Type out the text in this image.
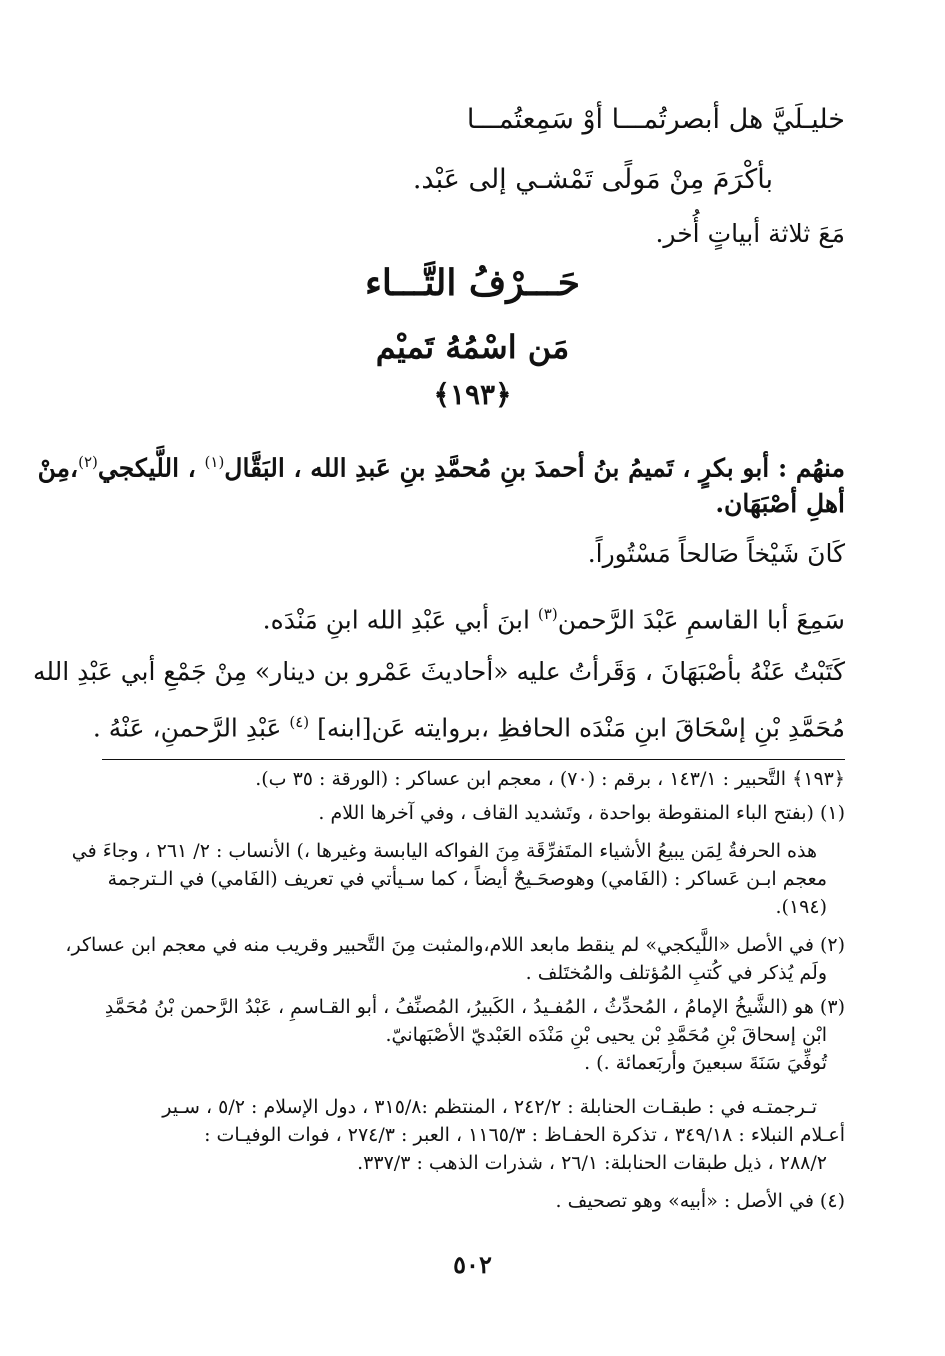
خليـلَيَّ هل أبصرتُمـــا أوْ سَمِعتُمـــا
بأكْرَمَ مِنْ مَولًى تَمْشـي إلى عَبْد.
مَعَ ثلاثة أبياتٍ أُخر.
حَـــرْفُ التَّـــاء
مَن اسْمُهُ تَميْم
﴿١٩٣﴾
منهُم : أبو بكرٍ ، تَميمُ بنُ أحمدَ بنِ مُحمَّدِ بنِ عَبدِ الله ، البَقَّال$^{(١)}$ ، اللَّيكجي$^{(٢)}$،مِنْ
أهلِ أصْبَهَان.
كَانَ شَيْخاً صَالحاً مَسْتُوراً.
سَمِعَ أبا القاسمِ عَبْدَ الرَّحمن$^{(٣)}$ ابنَ أبي عَبْدِ الله ابنِ مَنْدَه.
كَتَبْتُ عَنْهُ بأصْبَهَانَ ، وَقَرأتُ عليه «أحاديثَ عَمْرو بن دينار» مِنْ جَمْعِ أبي عَبْدِ الله
مُحَمَّدِ بْنِ إسْحَاقَ ابنِ مَنْدَه الحافظِ ،بروايته عَن[ابنه] $^{(٤)}$ عَبْدِ الرَّحمنِ، عَنْهُ .
﴿١٩٣﴾ التَّحبير : ١٤٣/١ ، برقم : (٧٠) ، معجم ابن عساكر : (الورقة : ٣٥ ب).
(١) (بفتح الباء المنقوطة بواحدة ، وتَشديد القاف ، وفي آخرها اللام .
هذه الحرفةُ لِمَن يبيعُ الأشياء المتَفرِّقَة مِنَ الفواكه اليابسة وغيرها ،) الأنساب : ٢/ ٢٦١ ، وجاءَ في
معجم ابـن عَساكر : (الفَامي) وهوصحَـيحٌ أيضاً ، كما سـيأتي في تعريف (الفَامي) في الـترجمة
(١٩٤).
(٢) في الأصل «اللَّيكجي» لم ينقط مابعد اللام،والمثبت مِنَ التَّحبير وقريب منه في معجم ابن عساكر،
ولَم يُذكر في كُتبِ المُؤتلف والمُختَلف .
(٣) هو (الشَّيخُ الإمامُ ، المُحدِّثُ ، المُفـيدُ ، الكَبيرُ، المُصنِّفُ ، أبو القـاسمِ ، عَبْدُ الرَّحمن بْنُ مُحَمَّدِ
ابْن إسحاقَ بْنِ مُحَمَّدِ بْن يحيى بْنِ مَنْدَه العَبْديّ الأصْبَهانيّ.
تُوفِّيَ سَنَةَ سبعينَ وأربَعمائة .) .
تـرجمتـه في : طبقـات الحنابلة : ٢٤٢/٢ ، المنتظم :٣١٥/٨ ، دول الإسلام : ٥/٢ ، سـير
أعـلام النبلاء : ٣٤٩/١٨ ، تذكرة الحفـاظ : ١١٦٥/٣ ، العبر : ٢٧٤/٣ ، فوات الوفيـات :
٢٨٨/٢ ، ذيل طبقات الحنابلة: ٢٦/١ ، شذرات الذهب : ٣٣٧/٣.
(٤) في الأصل : «أبيه» وهو تصحيف .
٥٠٢
